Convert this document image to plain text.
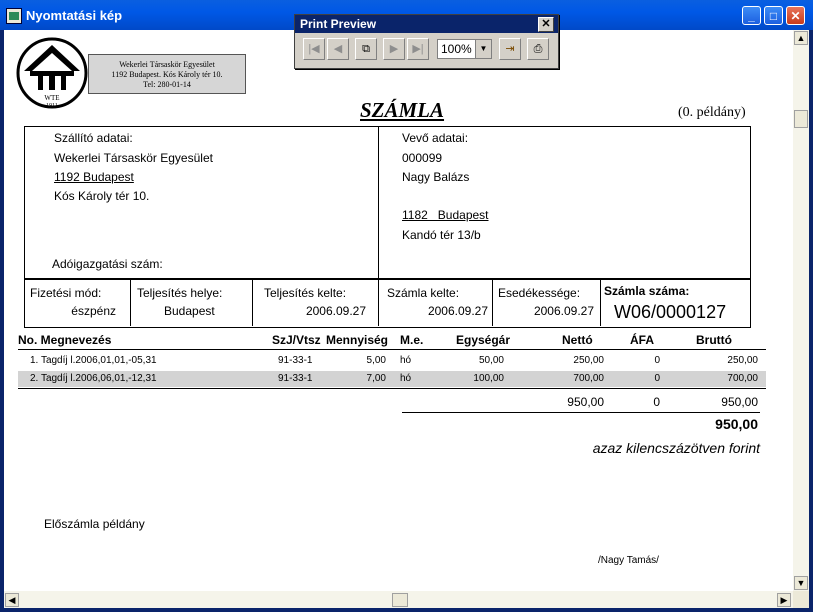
Nyomtatási kép	_	□	✕
WTE
1911
Wekerlei Társaskör Egyesület
1192 Budapest. Kós Károly tér 10.
Tel: 280-01-14
SZÁMLA	(0. példány)
Szállító adatai:
Wekerlei Társaskör Egyesület
1192 Budapest
Kós Károly tér 10.
Adóigazgatási szám:
Vevő adatai:
000099
Nagy Balázs
1182   Budapest
Kandó tér 13/b
Fizetési mód:
észpénz
Teljesítés helye:
Budapest
Teljesítés kelte:
2006.09.27
Számla kelte:
2006.09.27
Esedékessége:
2006.09.27
Számla száma:
W06/0000127
No. Megnevezés	SzJ/Vtsz Mennyiség M.e.	Egységár	Nettó	ÁFA	Bruttó
1. Tagdíj l.2006,01,01,-05,31	91-33-1	5,00 hó	50,00	250,00	0	250,00
2. Tagdíj l.2006,06,01,-12,31	91-33-1	7,00 hó	100,00	700,00	0	700,00
950,00	0	950,00
950,00
azaz kilencszázötven forint
Előszámla példány
/Nagy Tamás/
▲
▼
◀	▶
Print Preview	✕
|◀	◀	⧉	▶	▶|	100% ▼	⇥	⎙
